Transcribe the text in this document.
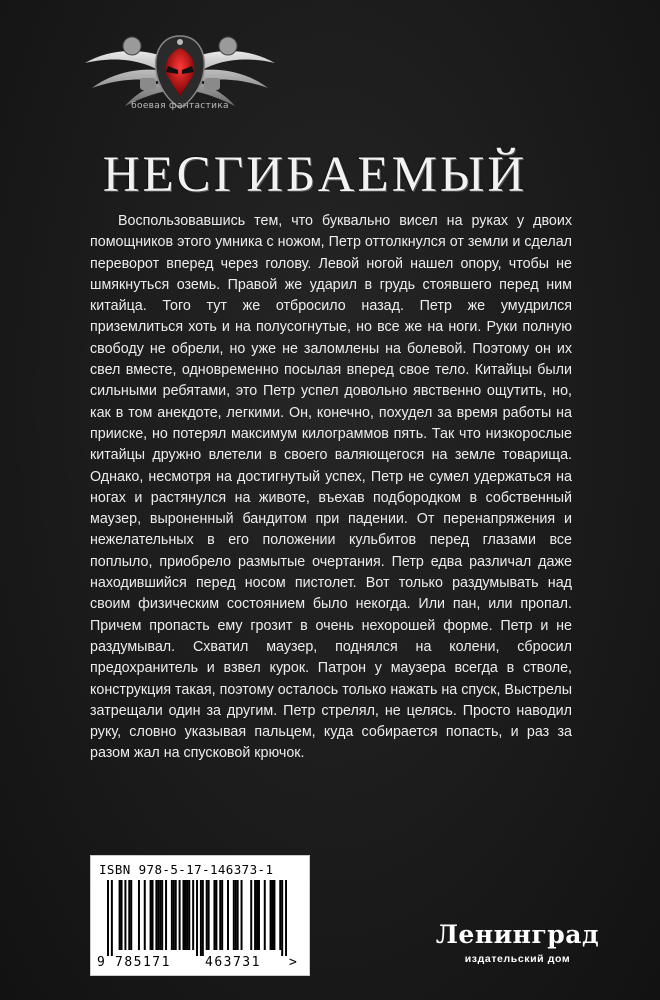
боевая фантастика
НЕСГИБАЕМЫЙ

Воспользовавшись тем, что буквально висел на руках у двоих помощников этого умника с ножом, Петр оттолкнулся от земли и сделал переворот вперед через голову. Левой ногой нашел опору, чтобы не шмякнуться оземь. Правой же ударил в грудь стоявшего перед ним китайца. Того тут же отбросило назад. Петр же умудрился приземлиться хоть и на полусогнутые, но все же на ноги. Руки полную свободу не обрели, но уже не заломлены на болевой. Поэтому он их свел вместе, одновременно посылая вперед свое тело. Китайцы были сильными ребятами, это Петр успел довольно явственно ощутить, но, как в том анекдоте, легкими. Он, конечно, похудел за время работы на прииске, но потерял максимум килограммов пять. Так что низкорослые китайцы дружно влетели в своего валяющегося на земле товарища. Однако, несмотря на достигнутый успех, Петр не сумел удержаться на ногах и растянулся на животе, въехав подбородком в собственный маузер, выроненный бандитом при падении. От перенапряжения и нежелательных в его положении кульбитов перед глазами все поплыло, приобрело размытые очертания. Петр едва различал даже находившийся перед носом пистолет. Вот только раздумывать над своим физическим состоянием было некогда. Или пан, или пропал. Причем пропасть ему грозит в очень нехорошей форме. Петр и не раздумывал. Схватил маузер, поднялся на колени, сбросил предохранитель и взвел курок. Патрон у маузера всегда в стволе, конструкция такая, поэтому осталось только нажать на спуск, Выстрелы затрещали один за другим. Петр стрелял, не целясь. Просто наводил руку, словно указывая пальцем, куда собирается попасть, и раз за разом жал на спусковой крючок.

ISBN 978-5-17-146373-1
9 785171	463731 >
Ленинград
издательский дом
